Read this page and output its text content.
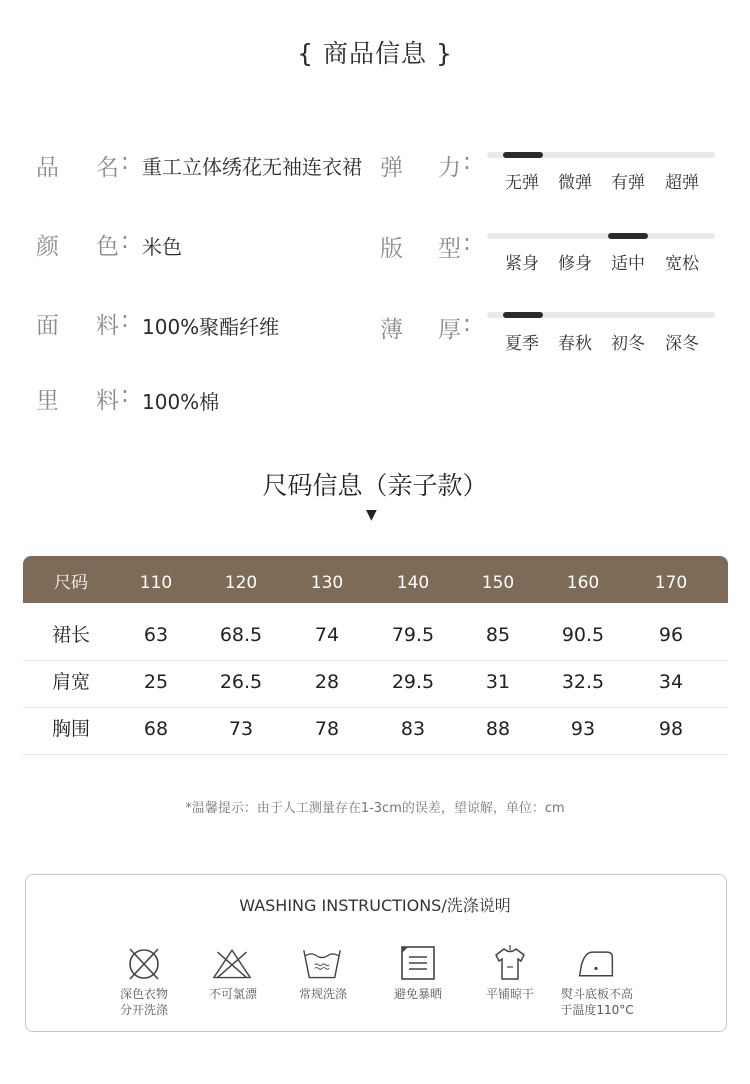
{ 商品信息 }
品 名 : 重工立体绣花无袖连衣裙
颜 色 : 米色
面 料 : 100%聚酯纤维
里 料 : 100%棉
弹 力 :
无弹	微弹	有弹	超弹
版 型 :
紧身	修身	适中	宽松
薄 厚 :
夏季	春秋	初冬	深冬
尺码信息（亲子款）
▼
尺码	110	120	130	140	150	160	170
裙长	63	68.5	74	79.5	85	90.5	96
肩宽	25	26.5	28	29.5	31	32.5	34
胸围	68	73	78	83	88	93	98
*温馨提示：由于人工测量存在1-3cm的误差，望谅解，单位：cm
WASHING INSTRUCTIONS/洗涤说明
深色衣物
分开洗涤
不可氯漂	常规洗涤	避免暴晒	平铺晾干	熨斗底板不高
于温度110°C
